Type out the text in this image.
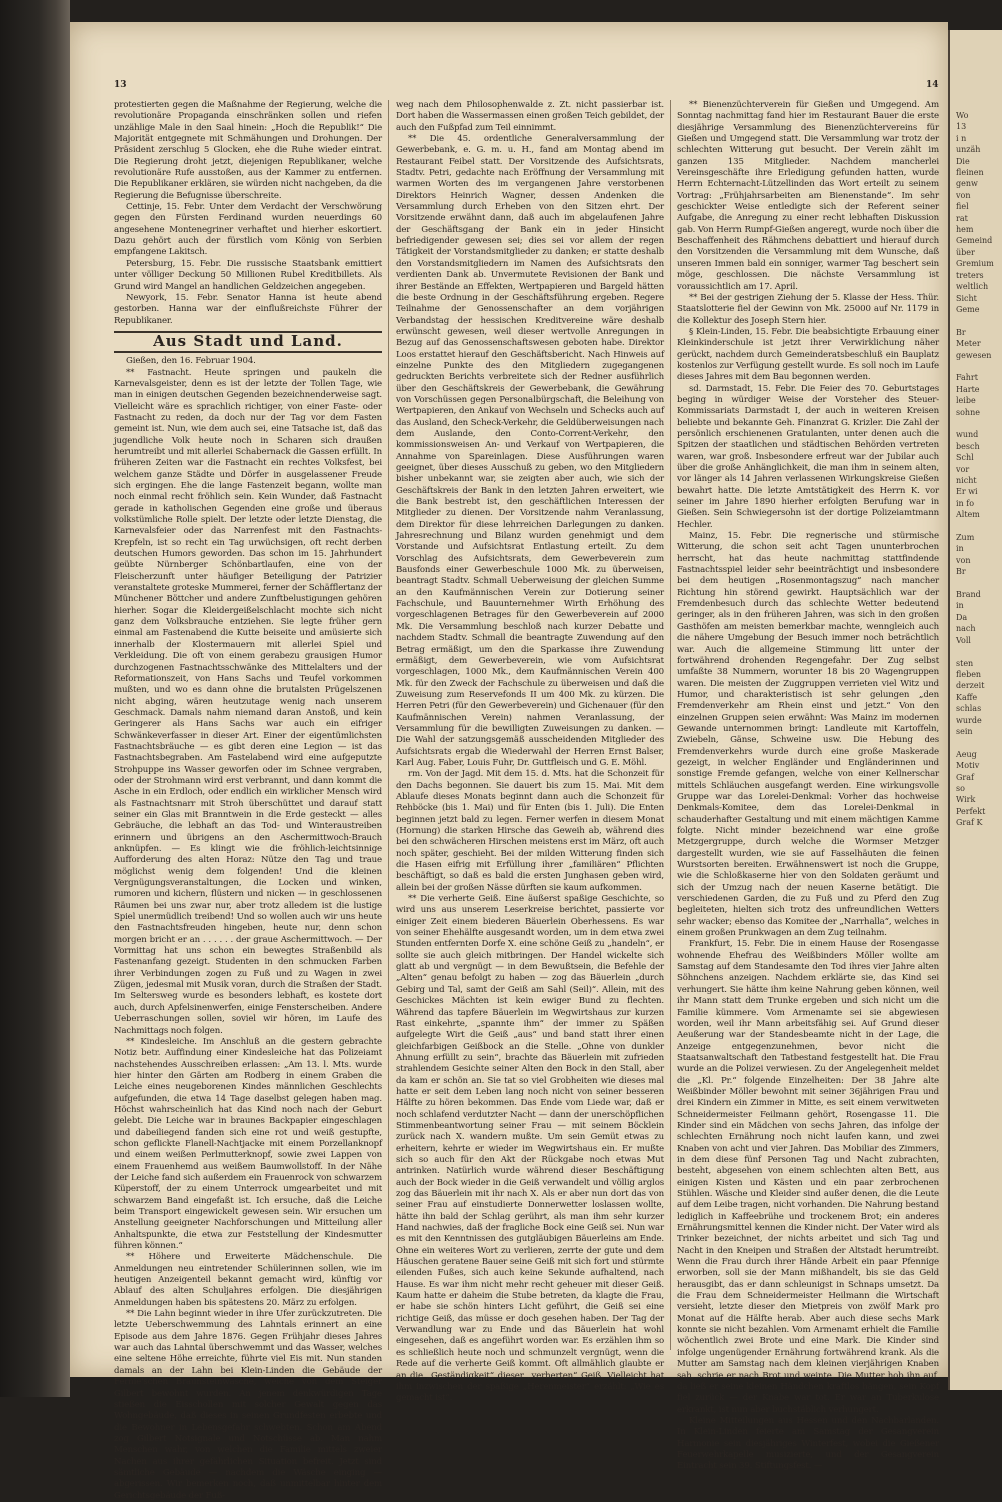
13	14

protestierten gegen die Maßnahme der Regierung, welche die revolutionäre Propaganda einschränken sollen und riefen unzählige Male in den Saal hinein: „Hoch die Republik!“ Die Majorität entgegnete mit Schmähungen und Drohungen. Der Präsident zerschlug 5 Glocken, ehe die Ruhe wieder eintrat. Die Regierung droht jetzt, diejenigen Republikaner, welche revolutionäre Rufe ausstoßen, aus der Kammer zu entfernen. Die Republikaner erklären, sie würden nicht nachgeben, da die Regierung die Befugnisse überschreite.

Cettinje, 15. Febr. Unter dem Verdacht der Verschwörung gegen den Fürsten Ferdinand wurden neuerdings 60 angesehene Montenegriner verhaftet und hierher eskortiert. Dazu gehört auch der fürstlich vom König von Serbien empfangene Lakitsch.

Petersburg, 15. Febr. Die russische Staatsbank emittiert unter völliger Deckung 50 Millionen Rubel Kreditbillets. Als Grund wird Mangel an handlichen Geldzeichen angegeben.

Newyork, 15. Febr. Senator Hanna ist heute abend gestorben. Hanna war der einflußreichste Führer der Republikaner.

Aus Stadt und Land.

Gießen, den 16. Februar 1904.

** Fastnacht. Heute springen und paukeln die Karnevalsgeister, denn es ist der letzte der Tollen Tage, wie man in einigen deutschen Gegenden bezeichnenderweise sagt. Vielleicht wäre es sprachlich richtiger, von einer Faste- oder Fastnacht zu reden, da doch nur der Tag vor dem Fasten gemeint ist. Nun, wie dem auch sei, eine Tatsache ist, daß das jugendliche Volk heute noch in Scharen sich draußen herumtreibt und mit allerlei Schabernack die Gassen erfüllt. In früheren Zeiten war die Fastnacht ein rechtes Volksfest, bei welchem ganze Städte und Dörfer in ausgelassener Freude sich ergingen. Ehe die lange Fastenzeit begann, wollte man noch einmal recht fröhlich sein. Kein Wunder, daß Fastnacht gerade in katholischen Gegenden eine große und überaus volkstümliche Rolle spielt. Der letzte oder letzte Dienstag, die Karnevalsfeier oder das Narrenfest mit den Fastnachts-Krepfeln, ist so recht ein Tag urwüchsigen, oft recht derben deutschen Humors geworden. Das schon im 15. Jahrhundert geübte Nürnberger Schönbartlaufen, eine von der Fleischerzunft unter häufiger Beteiligung der Patrizier veranstaltete groteske Mummerei, ferner der Schäfflertanz der Münchener Böttcher und andere Zunftbelustigungen gehören hierher. Sogar die Kleidergeißelschlacht mochte sich nicht ganz dem Volksbrauche entziehen. Sie legte früher gern einmal am Fastenabend die Kutte beiseite und amüsierte sich innerhalb der Klostermauern mit allerlei Spiel und Verkleidung. Die oft von einem gerabezu grausigen Humor durchzogenen Fastnachtsschwänke des Mittelalters und der Reformationszeit, von Hans Sachs und Teufel vorkommen mußten, und wo es dann ohne die brutalsten Prügelszenen nicht abging, wären heutzutage wenig nach unserem Geschmack. Damals nahm niemand daran Anstoß, und kein Geringerer als Hans Sachs war auch ein eifriger Schwänkeverfasser in dieser Art. Einer der eigentümlichsten Fastnachtsbräuche — es gibt deren eine Legion — ist das Fastnachtsbegraben. Am Fastelabend wird eine aufgeputzte Strohpuppe ins Wasser geworfen oder im Schnee vergraben, oder der Strohmann wird erst verbrannt, und dann kommt die Asche in ein Erdloch, oder endlich ein wirklicher Mensch wird als Fastnachtsnarr mit Stroh überschüttet und darauf statt seiner ein Glas mit Branntwein in die Erde gesteckt — alles Gebräuche, die lebhaft an das Tod- und Winteraustreiben erinnern und übrigens an den Aschermittwoch-Brauch anknüpfen. — Es klingt wie die fröhlich-leichtsinnige Aufforderung des alten Horaz: Nütze den Tag und traue möglichst wenig dem folgenden! Und die kleinen Vergnügungsveranstaltungen, die Locken und winken, rumoren und kichern, flüstern und nicken — in geschlossenen Räumen bei uns zwar nur, aber trotz alledem ist die lustige Spiel unermüdlich treibend! Und so wollen auch wir uns heute den Fastnachtsfreuden hingeben, heute nur, denn schon morgen bricht er an . . . . . . der graue Aschermittwoch. — Der Vormittag hat uns schon ein bewegtes Straßenbild als Fastenanfang gezeigt. Studenten in den schmucken Farben ihrer Verbindungen zogen zu Fuß und zu Wagen in zwei Zügen, jedesmal mit Musik voran, durch die Straßen der Stadt. Im Seltersweg wurde es besonders lebhaft, es kostete dort auch, durch Apfelsinenwerfen, einige Fensterscheiben. Andere Ueberraschungen sollen, soviel wir hören, im Laufe des Nachmittags noch folgen.

** Kindesleiche. Im Anschluß an die gestern gebrachte Notiz betr. Auffindung einer Kindesleiche hat das Polizeiamt nachstehendes Ausschreiben erlassen: „Am 13. l. Mts. wurde hier hinter den Gärten am Rodberg in einem Graben die Leiche eines neugeborenen Kindes männlichen Geschlechts aufgefunden, die etwa 14 Tage daselbst gelegen haben mag. Höchst wahrscheinlich hat das Kind noch nach der Geburt gelebt. Die Leiche war in braunes Backpapier eingeschlagen und dabeiliegend fanden sich eine rot und weiß gestupfte, schon geflickte Flanell-Nachtjacke mit einem Porzellanknopf und einem weißen Perlmutterknopf, sowie zwei Lappen von einem Frauenhemd aus weißem Baumwollstoff. In der Nähe der Leiche fand sich außerdem ein Frauenrock von schwarzem Küperstoff, der zu einem Unterrock umgearbeitet und mit schwarzem Band eingefaßt ist. Ich ersuche, daß die Leiche beim Transport eingewickelt gewesen sein. Wir ersuchen um Anstellung geeigneter Nachforschungen und Mitteilung aller Anhaltspunkte, die etwa zur Feststellung der Kindesmutter führen können.“

** Höhere und Erweiterte Mädchenschule. Die Anmeldungen neu eintretender Schülerinnen sollen, wie im heutigen Anzeigenteil bekannt gemacht wird, künftig vor Ablauf des alten Schuljahres erfolgen. Die diesjährigen Anmeldungen haben bis spätestens 20. März zu erfolgen.

** Die Lahn beginnt wieder in ihre Ufer zurückzutreten. Die letzte Ueberschwemmung des Lahntals erinnert an eine Episode aus dem Jahre 1876. Gegen Frühjahr dieses Jahres war auch das Lahntal überschwemmt und das Wasser, welches eine seltene Höhe erreichte, führte viel Eis mit. Nun standen damals an der Lahn bei Klein-Linden die Gebäude der Fernie'schen Braunsteinwäsche, welche von dem Steiger Gilbert bewohnt wurden. An jenem denkwürdigen Tage stießen die Eisschollen mit solcher Gewalt gegen das Wohngebäude, daß dieses in seinen Grundfesten erbebte und die Bewohner in Lebensgefahr schwebten. Schon am Abend zog Gilbert Notsignale und Notschüsse ab. Man nahm Menschen wahr, von welchen die Familie mittels zweier Nachen aus ihrer gefährlichen Situation befreit. Jetzt sind sämtliche Gebäude — nachdem die Wäsche einging — abgerissen. Wir bemerken noch, daß unmittelbar hinter dem Gerichtsgebäude der Fuß-

weg nach dem Philosophenwalde z. Zt. nicht passierbar ist. Dort haben die Wassermassen einen großen Teich gebildet, der auch den Fußpfad zum Teil einnimmt.

** Die 45. ordentliche Generalversammlung der Gewerbebank, e. G. m. u. H., fand am Montag abend im Restaurant Feibel statt. Der Vorsitzende des Aufsichtsrats, Stadtv. Petri, gedachte nach Eröffnung der Versammlung mit warmen Worten des im vergangenen Jahre verstorbenen Direktors Heinrich Wagner, dessen Andenken die Versammlung durch Erheben von den Sitzen ehrt. Der Vorsitzende erwähnt dann, daß auch im abgelaufenen Jahre der Geschäftsgang der Bank ein in jeder Hinsicht befriedigender gewesen sei; dies sei vor allem der regen Tätigkeit der Vorstandsmitglieder zu danken; er statte deshalb den Vorstandsmitgliedern im Namen des Aufsichtsrats den verdienten Dank ab. Unvermutete Revisionen der Bank und ihrer Bestände an Effekten, Wertpapieren und Bargeld hätten die beste Ordnung in der Geschäftsführung ergeben. Regere Teilnahme der Genossenschafter an dem vorjährigen Verbandstag der hessischen Kreditvereine wäre deshalb erwünscht gewesen, weil dieser wertvolle Anregungen in Bezug auf das Genossenschaftswesen geboten habe. Direktor Loos erstattet hierauf den Geschäftsbericht. Nach Hinweis auf einzelne Punkte des den Mitgliedern zugegangenen gedruckten Berichts verbreitete sich der Redner ausführlich über den Geschäftskreis der Gewerbebank, die Gewährung von Vorschüssen gegen Personalbürgschaft, die Beleihung von Wertpapieren, den Ankauf von Wechseln und Schecks auch auf das Ausland, den Scheck-Verkehr, die Geldüberweisungen nach dem Auslande, den Conto-Corrent-Verkehr, den kommissionsweisen An- und Verkauf von Wertpapieren, die Annahme von Spareinlagen. Diese Ausführungen waren geeignet, über dieses Ausschuß zu geben, wo den Mitgliedern bisher unbekannt war, sie zeigten aber auch, wie sich der Geschäftskreis der Bank in den letzten Jahren erweitert, wie die Bank bestrebt ist, den geschäftlichen Interessen der Mitglieder zu dienen. Der Vorsitzende nahm Veranlassung, dem Direktor für diese lehrreichen Darlegungen zu danken. Jahresrechnung und Bilanz wurden genehmigt und dem Vorstande und Aufsichtsrat Entlastung erteilt. Zu dem Vorschlag des Aufsichtsrats, dem Gewerbeverein zum Bausfonds einer Gewerbeschule 1000 Mk. zu überweisen, beantragt Stadtv. Schmall Ueberweisung der gleichen Summe an den Kaufmännischen Verein zur Dotierung seiner Fachschule, und Bauunternehmer Wirth Erhöhung des vorgeschlagenen Betrages für den Gewerbeverein auf 2000 Mk. Die Versammlung beschloß nach kurzer Debatte und nachdem Stadtv. Schmall die beantragte Zuwendung auf den Betrag ermäßigt, um den die Sparkasse ihre Zuwendung ermäßigt, dem Gewerbeverein, wie vom Aufsichtsrat vorgeschlagen, 1000 Mk., dem Kaufmännischen Verein 400 Mk. für den Zweck der Fachschule zu überweisen und daß die Zuweisung zum Reservefonds II um 400 Mk. zu kürzen. Die Herren Petri (für den Gewerbeverein) und Gichenauer (für den Kaufmännischen Verein) nahmen Veranlassung, der Versammlung für die bewilligten Zuweisungen zu danken. — Die Wahl der satzungsgemäß ausscheidenden Mitglieder des Aufsichtsrats ergab die Wiederwahl der Herren Ernst Balser, Karl Aug. Faber, Louis Fuhr, Dr. Guttfleisch und G. E. Möhl.

rm. Von der Jagd. Mit dem 15. d. Mts. hat die Schonzeit für den Dachs begonnen. Sie dauert bis zum 15. Mai. Mit dem Ablaufe dieses Monats beginnt dann auch die Schonzeit für Rehböcke (bis 1. Mai) und für Enten (bis 1. Juli). Die Enten beginnen jetzt bald zu legen. Ferner werfen in diesem Monat (Hornung) die starken Hirsche das Geweih ab, während dies bei den schwächeren Hirschen meistens erst im März, oft auch noch später, geschieht. Bei der milden Witterung finden sich die Hasen eifrig mit Erfüllung ihrer „familiären“ Pflichten beschäftigt, so daß es bald die ersten Junghasen geben wird, allein bei der großen Nässe dürften sie kaum aufkommen.

** Die verherte Geiß. Eine äußerst spaßige Geschichte, so wird uns aus unserem Leserkreise berichtet, passierte vor einiger Zeit einem biederen Bäuerlein Oberhessens. Es war von seiner Ehehälfte ausgesandt worden, um in dem etwa zwei Stunden entfernten Dorfe X. eine schöne Geiß zu „handeln“, er sollte sie auch gleich mitbringen. Der Handel wickelte sich glatt ab und vergnügt — in dem Bewußtsein, die Befehle der „Alten“ genau befolgt zu haben — zog das Bäuerlein „durch Gebirg und Tal, samt der Geiß am Sahl (Seil)“. Allein, mit des Geschickes Mächten ist kein ewiger Bund zu flechten. Während das tapfere Bäuerlein im Wegwirtshaus zur kurzen Rast einkehrte, „spannte ihm“ der immer zu Späßen aufgelegte Wirt die Geiß „aus“ und band statt ihrer einen gleichfarbigen Geißbock an die Stelle. „Ohne von dunkler Ahnung erfüllt zu sein“, brachte das Bäuerlein mit zufrieden strahlendem Gesichte seiner Alten den Bock in den Stall, aber da kam er schön an. Sie tat so viel Grobheiten wie dieses mal hatte er seit dem Leben lang noch nicht von seiner besseren Hälfte zu hören bekommen. Das Ende vom Liede war, daß er noch schlafend verdutzter Nacht — dann der unerschöpflichen Stimmenbeantwortung seiner Frau — mit seinem Böcklein zurück nach X. wandern mußte. Um sein Gemüt etwas zu erheitern, kehrte er wieder im Wegwirtshaus ein. Er mußte sich so auch für den Akt der Rückgabe noch etwas Mut antrinken. Natürlich wurde während dieser Beschäftigung auch der Bock wieder in die Geiß verwandelt und völlig arglos zog das Bäuerlein mit ihr nach X. Als er aber nun dort das von seiner Frau auf einstudierte Donnerwetter loslassen wollte, hätte ihn bald der Schlag gerührt, als man ihm sehr kurzer Hand nachwies, daß der fragliche Bock eine Geiß sei. Nun war es mit den Kenntnissen des gutgläubigen Bäuerleins am Ende. Ohne ein weiteres Wort zu verlieren, zerrte der gute und dem Häuschen geratene Bauer seine Geiß mit sich fort und stürmte eilenden Fußes, sich auch keine Sekunde aufhaltend, nach Hause. Es war ihm nicht mehr recht geheuer mit dieser Geiß. Kaum hatte er daheim die Stube betreten, da klagte die Frau, er habe sie schön hinters Licht geführt, die Geiß sei eine richtige Geiß, das müsse er doch gesehen haben. Der Tag der Verwandlung war zu Ende und das Bäuerlein hat wohl eingesehen, daß es angeführt worden war. Es erzählen ihm so es schließlich heute noch und schmunzelt vergnügt, wenn die Rede auf die verherte Geiß kommt. Oft allmählich glaubte er an die „Geständigkeit“ dieser „verherten“ Geiß. Vielleicht hat ihm inzwischen der spaßige „Herenmeister“ erzählt: „Wie es gemacht ist“.

** Bienenzüchterverein für Gießen und Umgegend. Am Sonntag nachmittag fand hier im Restaurant Bauer die erste diesjährige Versammlung des Bienenzüchtervereins für Gießen und Umgegend statt. Die Versammlung war trotz der schlechten Witterung gut besucht. Der Verein zählt im ganzen 135 Mitglieder. Nachdem mancherlei Vereinsgeschäfte ihre Erledigung gefunden hatten, wurde Herrn Echternacht-Lützellinden das Wort erteilt zu seinem Vortrag: „Frühjahrsarbeiten am Bienenstande“. Im sehr geschickter Weise entledigte sich der Referent seiner Aufgabe, die Anregung zu einer recht lebhaften Diskussion gab. Von Herrn Rumpf-Gießen angeregt, wurde noch über die Beschaffenheit des Rähmchens debattiert und hierauf durch den Vorsitzenden die Versammlung mit dem Wunsche, daß unseren Immen bald ein sonniger, warmer Tag beschert sein möge, geschlossen. Die nächste Versammlung ist voraussichtlich am 17. April.

** Bei der gestrigen Ziehung der 5. Klasse der Hess. Thür. Staatslotterie fiel der Gewinn von Mk. 25000 auf Nr. 1179 in die Kollektur des Joseph Stern hier.

§ Klein-Linden, 15. Febr. Die beabsichtigte Erbauung einer Kleinkinderschule ist jetzt ihrer Verwirklichung näher gerückt, nachdem durch Gemeinderatsbeschluß ein Bauplatz kostenlos zur Verfügung gestellt wurde. Es soll noch im Laufe dieses Jahres mit dem Bau begonnen werden.

sd. Darmstadt, 15. Febr. Die Feier des 70. Geburtstages beging in würdiger Weise der Vorsteher des Steuer-Kommissariats Darmstadt I, der auch in weiteren Kreisen beliebte und bekannte Geh. Finanzrat G. Krizler. Die Zahl der persönlich erschienenen Gratulanten, unter denen auch die Spitzen der staatlichen und städtischen Behörden vertreten waren, war groß. Insbesondere erfreut war der Jubilar auch über die große Anhänglichkeit, die man ihm in seinem alten, vor länger als 14 Jahren verlassenen Wirkungskreise Gießen bewahrt hatte. Die letzte Amtstätigkeit des Herrn K. vor seiner im Jahre 1890 hierher erfolgten Berufung war in Gießen. Sein Schwiegersohn ist der dortige Polizeiamtmann Hechler.

Mainz, 15. Febr. Die regnerische und stürmische Witterung, die schon seit acht Tagen ununterbrochen herrscht, hat das heute nachmittag stattfindende Fastnachtsspiel leider sehr beeinträchtigt und insbesondere bei dem heutigen „Rosenmontagszug“ nach mancher Richtung hin störend gewirkt. Hauptsächlich war der Fremdenbesuch durch das schlechte Wetter bedeutend geringer, als in den früheren Jahren, was sich in den großen Gasthöfen am meisten bemerkbar machte, wenngleich auch die nähere Umgebung der Besuch immer noch beträchtlich war. Auch die allgemeine Stimmung litt unter der fortwährend drohenden Regengefahr. Der Zug selbst umfaßte 38 Nummern, worunter 18 bis 20 Wagengruppen waren. Die meisten der Zuggruppen verrieten viel Witz und Humor, und charakteristisch ist sehr gelungen „den Fremdenverkehr am Rhein einst und jetzt.“ Von den einzelnen Gruppen seien erwähnt: Was Mainz im modernen Gewande unternommen bringt: Landleute mit Kartoffeln, Zwiebeln, Gänse, Schweine usw. Die Hebung des Fremdenverkehrs wurde durch eine große Maskerade gezeigt, in welcher Engländer und Engländerinnen und sonstige Fremde gefangen, welche von einer Kellnerschar mittels Schläuchen ausgefangt werden. Eine wirkungsvolle Gruppe war das Lorelei-Denkmal: Vorher das hochweise Denkmals-Komitee, dem das Lorelei-Denkmal in schauderhafter Gestaltung und mit einem mächtigen Kamme folgte. Nicht minder bezeichnend war eine große Metzgergruppe, durch welche die Wormser Metzger dargestellt wurden, wie sie auf Fasselhäuten die feinen Wurstsorten bereiten. Erwähnenswert ist noch die Gruppe, wie die Schloßkaserne hier von den Soldaten geräumt und sich der Umzug nach der neuen Kaserne betätigt. Die verschiedenen Garden, die zu Fuß und zu Pferd den Zug begleiteten, hielten sich trotz des unfreundlichen Wetters sehr wacker; ebenso das Komitee der „Narrhalla“, welches in einem großen Prunkwagen an dem Zug teilnahm.

Frankfurt, 15. Febr. Die in einem Hause der Rosengasse wohnende Ehefrau des Weißbinders Möller wollte am Samstag auf dem Standesamte den Tod ihres vier Jahre alten Söhnchens anzeigen. Nachdem erklärte sie, das Kind sei verhungert. Sie hätte ihm keine Nahrung geben können, weil ihr Mann statt dem Trunke ergeben und sich nicht um die Familie kümmere. Vom Armenamte sei sie abgewiesen worden, weil ihr Mann arbeitsfähig sei. Auf Grund dieser Aeußerung war der Standesbeamte nicht in der Lage, die Anzeige entgegenzunehmen, bevor nicht die Staatsanwaltschaft den Tatbestand festgestellt hat. Die Frau wurde an die Polizei verwiesen. Zu der Angelegenheit meldet die „Kl. Pr.“ folgende Einzelheiten: Der 38 Jahre alte Weißbinder Möller bewohnt mit seiner 36jährigen Frau und drei Kindern ein Zimmer in Mitte, es seit einem verwitweten Schneidermeister Feilmann gehört, Rosengasse 11. Die Kinder sind ein Mädchen von sechs Jahren, das infolge der schlechten Ernährung noch nicht laufen kann, und zwei Knaben von acht und vier Jahren. Das Mobiliar des Zimmers, in dem diese fünf Personen Tag und Nacht zubrachten, besteht, abgesehen von einem schlechten alten Bett, aus einigen Kisten und Kästen und ein paar zerbrochenen Stühlen. Wäsche und Kleider sind außer denen, die die Leute auf dem Leibe tragen, nicht vorhanden. Die Nahrung bestand lediglich in Kaffeebrühe und trockenem Brot; ein anderes Ernährungsmittel kennen die Kinder nicht. Der Vater wird als Trinker bezeichnet, der nichts arbeitet und sich Tag und Nacht in den Kneipen und Straßen der Altstadt herumtreibt. Wenn die Frau durch ihrer Hände Arbeit ein paar Pfennige erworben, soll sie der Mann mißhandelt, bis sie das Geld herausgibt, das er dann schleunigst in Schnaps umsetzt. Da die Frau dem Schneidermeister Heilmann die Wirtschaft versieht, letzte dieser den Mietpreis von zwölf Mark pro Monat auf die Hälfte herab. Aber auch diese sechs Mark konnte sie nicht bezahlen. Vom Armenamt erhielt die Familie wöchentlich zwei Brote und eine Mark. Die Kinder sind infolge ungenügender Ernährung fortwährend krank. Als die Mutter am Samstag nach dem kleinen vierjährigen Knaben sah, schrie er nach Brot und weinte. Die Mutter hob ihn auf, da ließ er seine kleinen Händchen kraftlos hängen, sein Kopf fiel zurück — der Knabe war tot. Er war an Tuberkulose erkrankt, ist nun aber buchstäblich verhungert.

Kleine Mitteilungen aus Hessen und den Nachbarlanden. In Klein-Linden feierte am Samstag der Gesangverein Harmonie sein diesjähriges Winterfest, wobei die Gießener Feuerwehrkapelle musizierte, und der Gesangverein Eintracht sein 39. Stiftungsfest. —

Wo
13
i n
unzäh
Die
fleinen
genw
von
fiel
rat
hem
Gemeind
über
Gremium
treters
weltlich
Sicht
Geme

Br
Meter
gewesen

Fahrt
Harte
leibe
sohne

wund
besch
Schl
vor
nicht
Er wi
in fo
Altem

Zum
in
von
Br

Brand
in
Da
nach
Voll

sten
fleben
derzeit
Kaffe
schlas
wurde
sein

Aeug
Motiv
Graf
so
Wirk
Perfekt
Graf K
